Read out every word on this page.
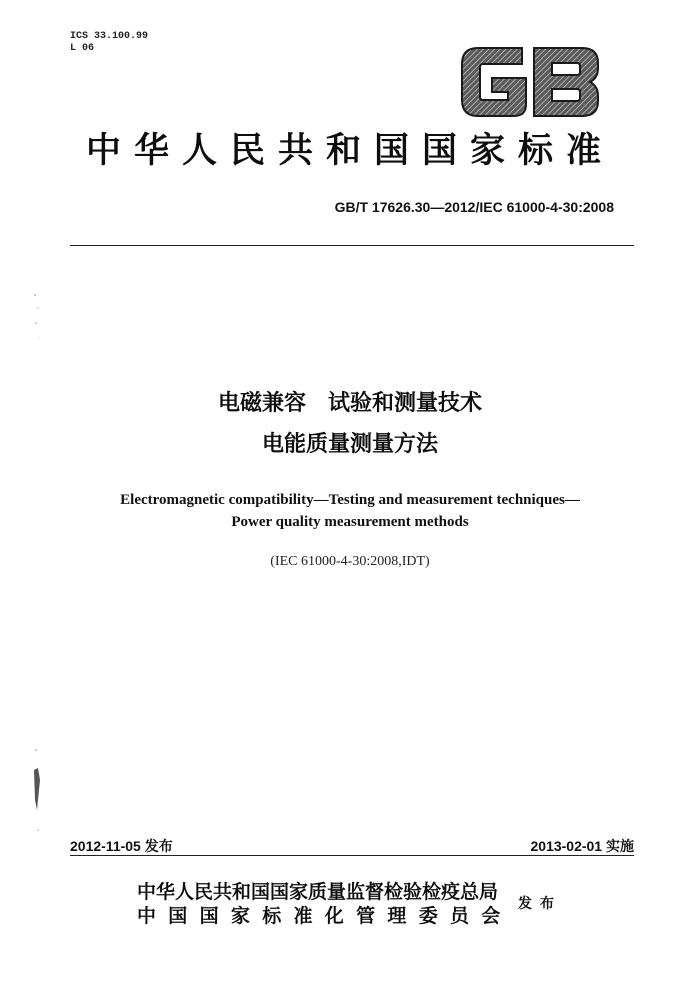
ICS 33.100.99
L 06
中华人民共和国国家标准
GB/T 17626.30—2012/IEC 61000-4-30:2008
电磁兼容 试验和测量技术
电能质量测量方法
Electromagnetic compatibility—Testing and measurement techniques—
Power quality measurement methods
(IEC 61000-4-30:2008,IDT)
2012-11-05 发布	2013-02-01 实施
中华人民共和国国家质量监督检验检疫总局
中国国家标准化管理委员会
发布
